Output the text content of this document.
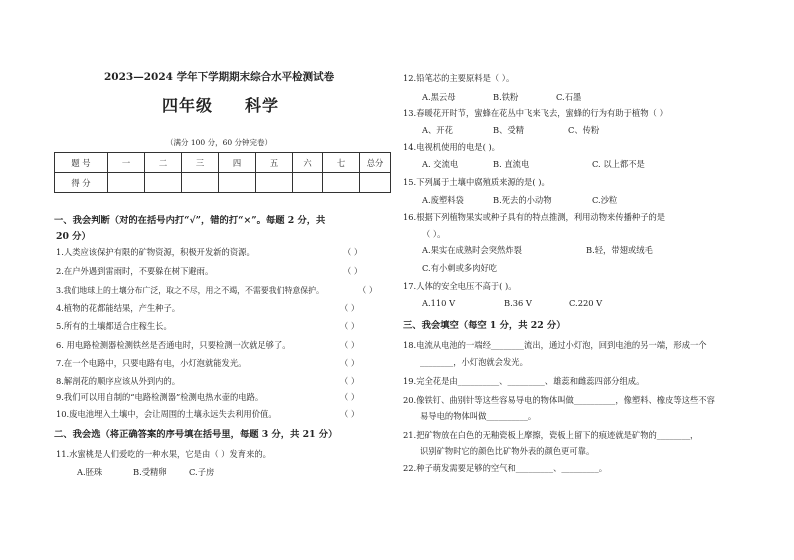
2023—2024 学年下学期期末综合水平检测试卷
四年级 科学
（满分 100 分，60 分钟完卷）
题 号	一	二	三	四	五	六	七	总分
得 分								
一、我会判断（对的在括号内打“√”，错的打“×”。每题 2 分，共
20 分）
1.人类应该保护有限的矿物资源，积极开发新的资源。	（ ）
2.在户外遇到雷雨时，不要躲在树下避雨。	（ ）
3.我们地球上的土壤分布广泛，取之不尽，用之不竭，不需要我们特意保护。	（ ）
4.植物的花都能结果，产生种子。	（ ）
5.所有的土壤都适合庄稼生长。	（ ）
6. 用电路检测器检测铁丝是否通电时，只要检测一次就足够了。	（ ）
7.在一个电路中，只要电路有电，小灯泡就能发光。	（ ）
8.解剖花的顺序应该从外到内的。	（ ）
9.我们可以用自制的“电路检测器”检测电热水壶的电路。	（ ）
10.废电池埋入土壤中，会让周围的土壤永远失去利用价值。	（ ）
二、我会选（将正确答案的序号填在括号里，每题 3 分，共 21 分）
11.水蜜桃是人们爱吃的一种水果，它是由（ ）发育来的。
A.胚珠	B.受精卵	C.子房
12.铅笔芯的主要原料是（ ）。
A.黑云母	B.铁粉	C.石墨
13.春暖花开时节，蜜蜂在花丛中飞来飞去，蜜蜂的行为有助于植物（ ）
A、开花	B、受精	C、传粉
14.电视机使用的电是( )。
A. 交流电	B. 直流电	C. 以上都不是
15.下列属于土壤中腐殖质来源的是( )。
A.废塑料袋	B.死去的小动物	C.沙粒
16.根据下列植物果实或种子具有的特点推测，利用动物来传播种子的是
（ ）。
A.果实在成熟时会突然炸裂	B.轻，带翅或绒毛
C.有小刺或多肉好吃
17.人体的安全电压不高于( )。
A.110 V	B.36 V	C.220 V
三、我会填空（每空 1 分，共 22 分）
18.电流从电池的一端经________流出，通过小灯泡，回到电池的另一端，形成一个
________，小灯泡就会发光。
19.完全花是由__________、_________、雄蕊和雌蕊四部分组成。
20.像铁钉、曲别针等这些容易导电的物体叫做__________，像塑料、橡皮等这些不容
易导电的物体叫做__________。
21.把矿物放在白色的无釉瓷板上摩擦，瓷板上留下的痕迹就是矿物的________，
识别矿物时它的颜色比矿物外表的颜色更可靠。
22.种子萌发需要足够的空气和_________、_________。
